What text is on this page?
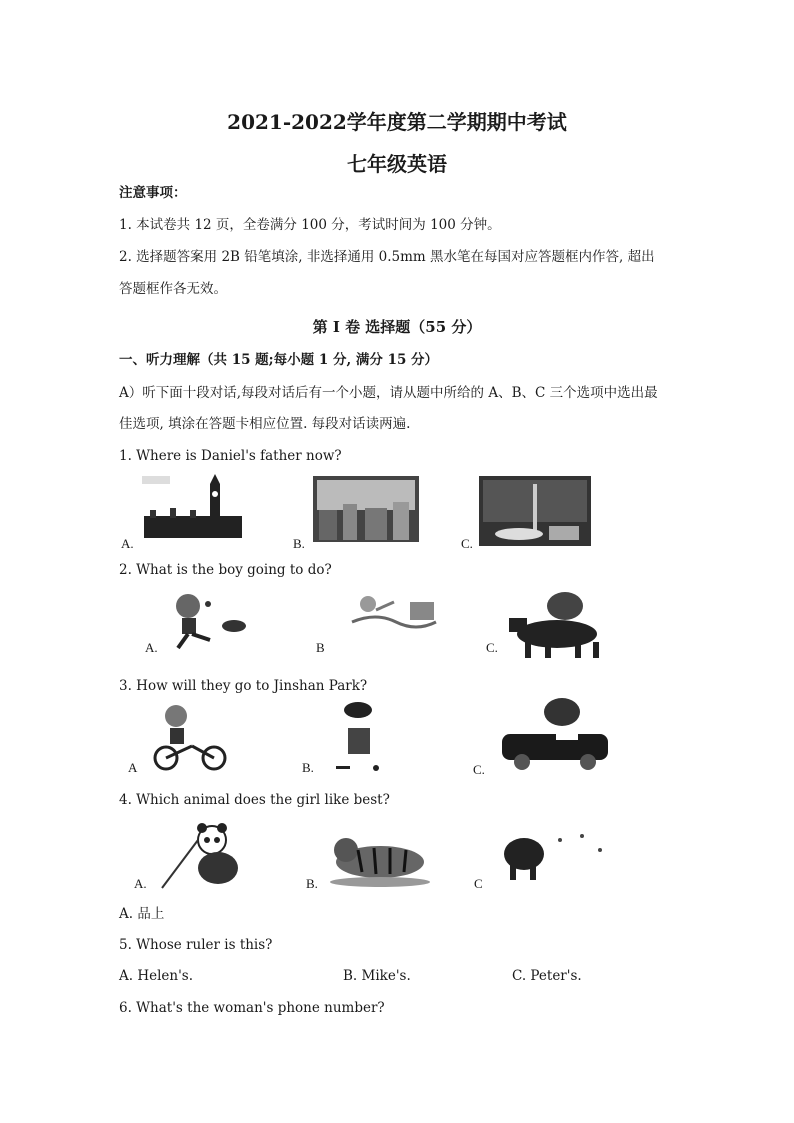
2021-2022学年度第二学期期中考试
七年级英语
注意事项：
1. 本试卷共 12 页，全卷满分 100 分，考试时间为 100 分钟。
2. 选择题答案用 2B 铅笔填涂, 非选择通用 0.5mm 黑水笔在每国对应答题框内作答, 超出
答题框作各无效。
第 I 卷 选择题（55 分）
一、听力理解（共 15 题;每小题 1 分, 满分 15 分）
A）听下面十段对话,每段对话后有一个小题，请从题中所给的 A、B、C 三个选项中选出最
佳选项, 填涂在答题卡相应位置. 每段对话读两遍.
1. Where is Daniel's father now?
A.	B.	C.
2. What is the boy going to do?
A.	B	C.
3. How will they go to Jinshan Park?
A	B.	C.
4. Which animal does the girl like best?
A.	B.	C
A. 品上
5. Whose ruler is this?
A. Helen's.	B. Mike's.	C. Peter's.
6. What's the woman's phone number?
